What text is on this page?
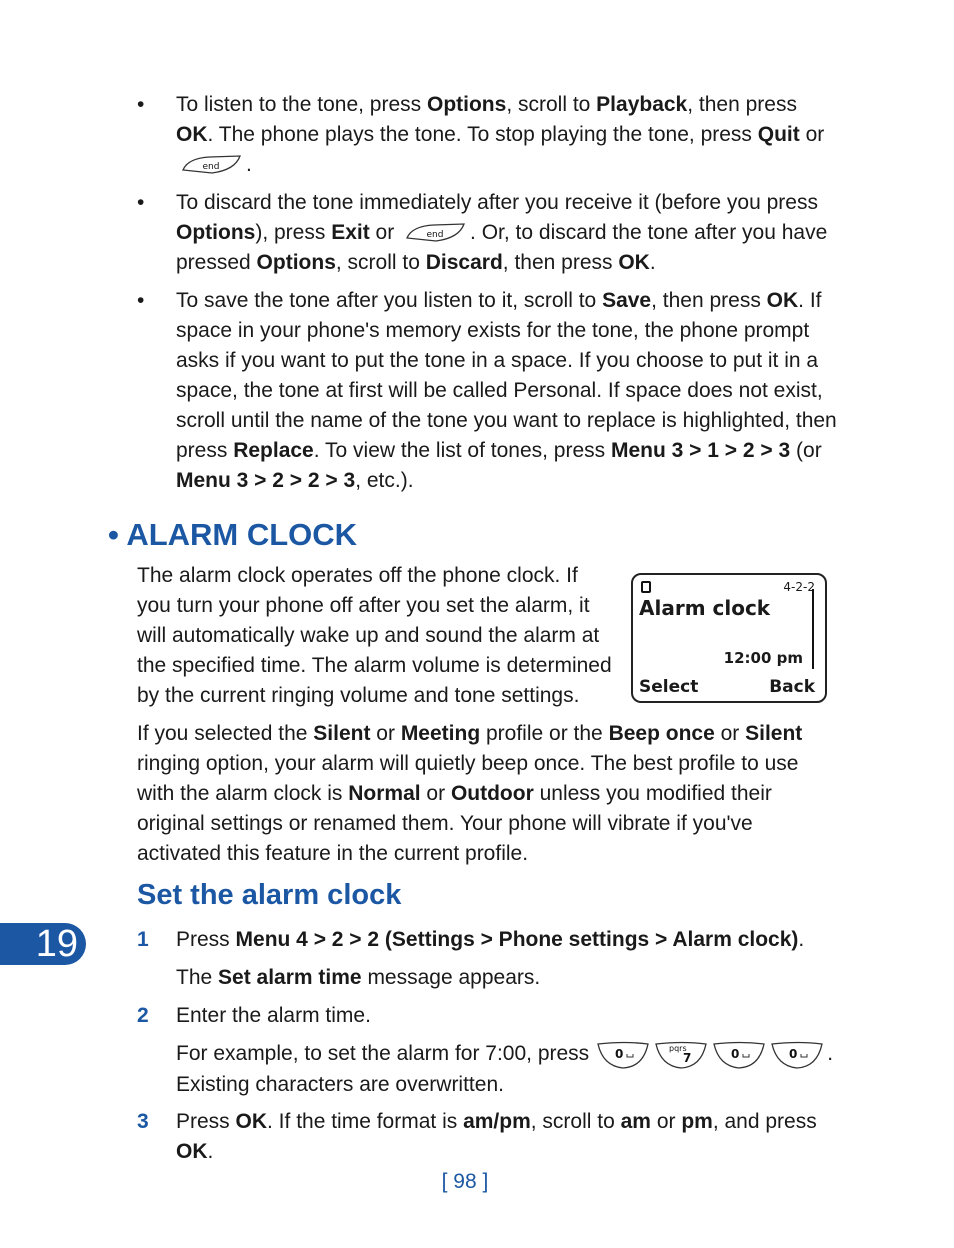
•	To listen to the tone, press Options, scroll to Playback, then press OK. The phone plays the tone. To stop playing the tone, press Quit or

end .
•	To discard the tone immediately after you receive it (before you press Options), press Exit or	end . Or, to discard the tone after you have pressed Options, scroll to Discard, then press OK.
•	To save the tone after you listen to it, scroll to Save, then press OK. If space in your phone's memory exists for the tone, the phone prompt asks if you want to put the tone in a space. If you choose to put it in a space, the tone at first will be called Personal. If space does not exist, scroll until the name of the tone you want to replace is highlighted, then press Replace. To view the list of tones, press Menu 3 > 1 > 2 > 3 (or Menu 3 > 2 > 2 > 3, etc.).
• ALARM CLOCK
The alarm clock operates off the phone clock. If you turn your phone off after you set the alarm, it will automatically wake up and sound the alarm at the specified time. The alarm volume is determined by the current ringing volume and tone settings.
4-2-2
Alarm clock
12:00 pm
Select	Back
If you selected the Silent or Meeting profile or the Beep once or Silent ringing option, your alarm will quietly beep once. The best profile to use with the alarm clock is Normal or Outdoor unless you modified their original settings or renamed them. Your phone will vibrate if you've activated this feature in the current profile.
Set the alarm clock
19	1 Press Menu 4 > 2 > 2 (Settings > Phone settings > Alarm clock).
The Set alarm time message appears.
2 Enter the alarm time.
For example, to set the alarm for 7:00, press 0	pqrs
7	0	0 .
Existing characters are overwritten.
3 Press OK. If the time format is am/pm, scroll to am or pm, and press OK.
[ 98 ]
